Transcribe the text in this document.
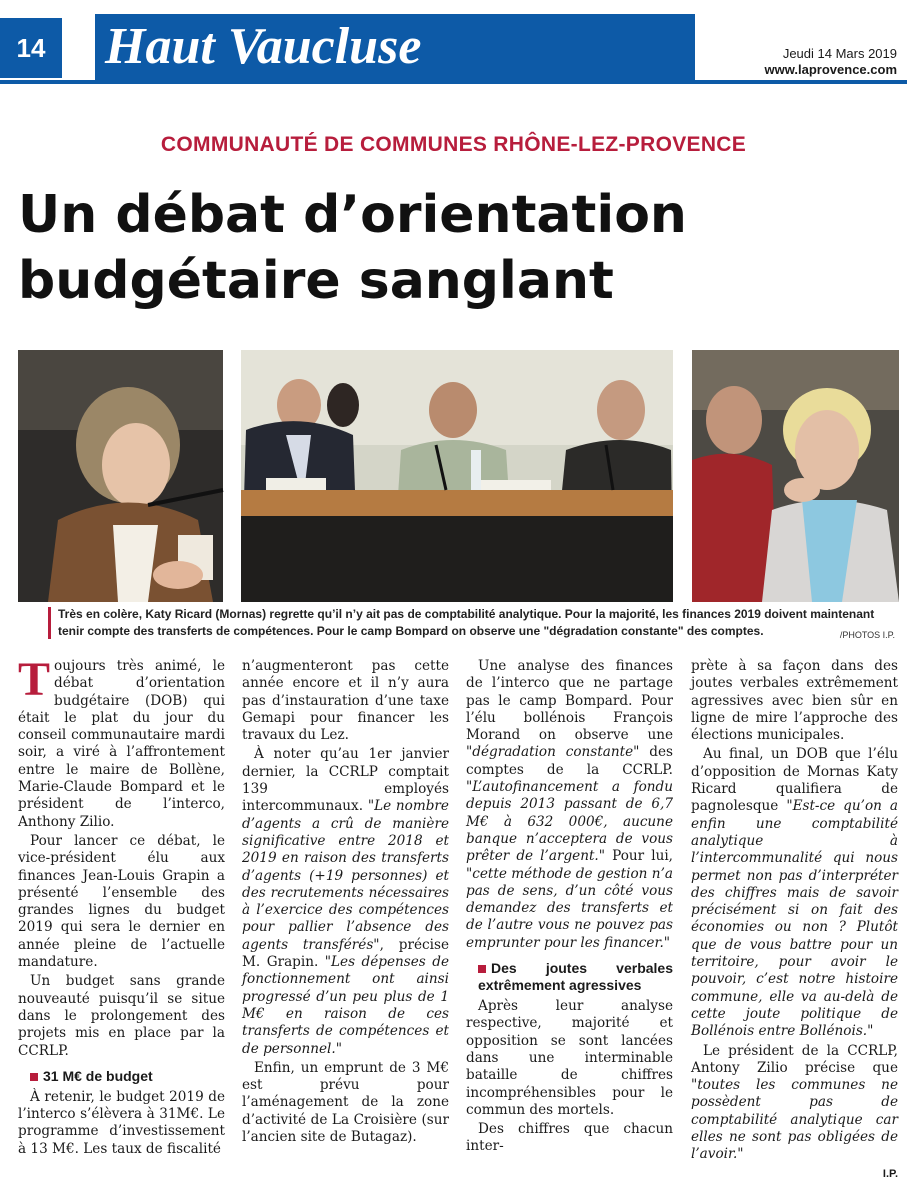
14	Haut Vaucluse	Jeudi 14 Mars 2019
www.laprovence.com
COMMUNAUTÉ DE COMMUNES RHÔNE-LEZ-PROVENCE
Un débat d’orientation
budgétaire sanglant
Très en colère, Katy Ricard (Mornas) regrette qu’il n’y ait pas de comptabilité analytique. Pour la majorité, les finances 2019 doivent maintenant tenir compte des transferts de compétences. Pour le camp Bompard on observe une "dégradation constante" des comptes.	/PHOTOS I.P.

Toujours très animé, le débat d’orientation budgétaire (DOB) qui était le plat du jour du conseil communautaire mardi soir, a viré à l’affrontement entre le maire de Bollène, Marie-Claude Bompard et le président de l’interco, Anthony Zilio.

Pour lancer ce débat, le vice-président élu aux finances Jean-Louis Grapin a présenté l’ensemble des grandes lignes du budget 2019 qui sera le dernier en année pleine de l’actuelle mandature.

Un budget sans grande nouveauté puisqu’il se situe dans le prolongement des projets mis en place par la CCRLP.

31 M€ de budget

À retenir, le budget 2019 de l’interco s’élèvera à 31M€. Le programme d’investissement à 13 M€. Les taux de fiscalité

n’augmenteront pas cette année encore et il n’y aura pas d’instauration d’une taxe Gemapi pour financer les travaux du Lez.

À noter qu’au 1er janvier dernier, la CCRLP comptait 139 employés intercommunaux. "Le nombre d’agents a crû de manière significative entre 2018 et 2019 en raison des transferts d’agents (+19 personnes) et des recrutements nécessaires à l’exercice des compétences pour pallier l’absence des agents transférés", précise M. Grapin. "Les dépenses de fonctionnement ont ainsi progressé d’un peu plus de 1 M€ en raison de ces transferts de compétences et de personnel."

Enfin, un emprunt de 3 M€ est prévu pour l’aménagement de la zone d’activité de La Croisière (sur l’ancien site de Butagaz).

Une analyse des finances de l’interco que ne partage pas le camp Bompard. Pour l’élu bollénois François Morand on observe une "dégradation constante" des comptes de la CCRLP. "L’autofinancement a fondu depuis 2013 passant de 6,7 M€ à 632 000€, aucune banque n’acceptera de vous prêter de l’argent." Pour lui, "cette méthode de gestion n’a pas de sens, d’un côté vous demandez des transferts et de l’autre vous ne pouvez pas emprunter pour les financer."

Des joutes verbales extrêmement agressives

Après leur analyse respective, majorité et opposition se sont lancées dans une interminable bataille de chiffres incompréhensibles pour le commun des mortels.

Des chiffres que chacun inter-

prète à sa façon dans des joutes verbales extrêmement agressives avec bien sûr en ligne de mire l’approche des élections municipales.

Au final, un DOB que l’élu d’opposition de Mornas Katy Ricard qualifiera de pagnolesque "Est-ce qu’on a enfin une comptabilité analytique à l’intercommunalité qui nous permet non pas d’interpréter des chiffres mais de savoir précisément si on fait des économies ou non ? Plutôt que de vous battre pour un territoire, pour avoir le pouvoir, c’est notre histoire commune, elle va au-delà de cette joute politique de Bollénois entre Bollénois."

Le président de la CCRLP, Antony Zilio précise que "toutes les communes ne possèdent pas de comptabilité analytique car elles ne sont pas obligées de l’avoir."

I.P.
